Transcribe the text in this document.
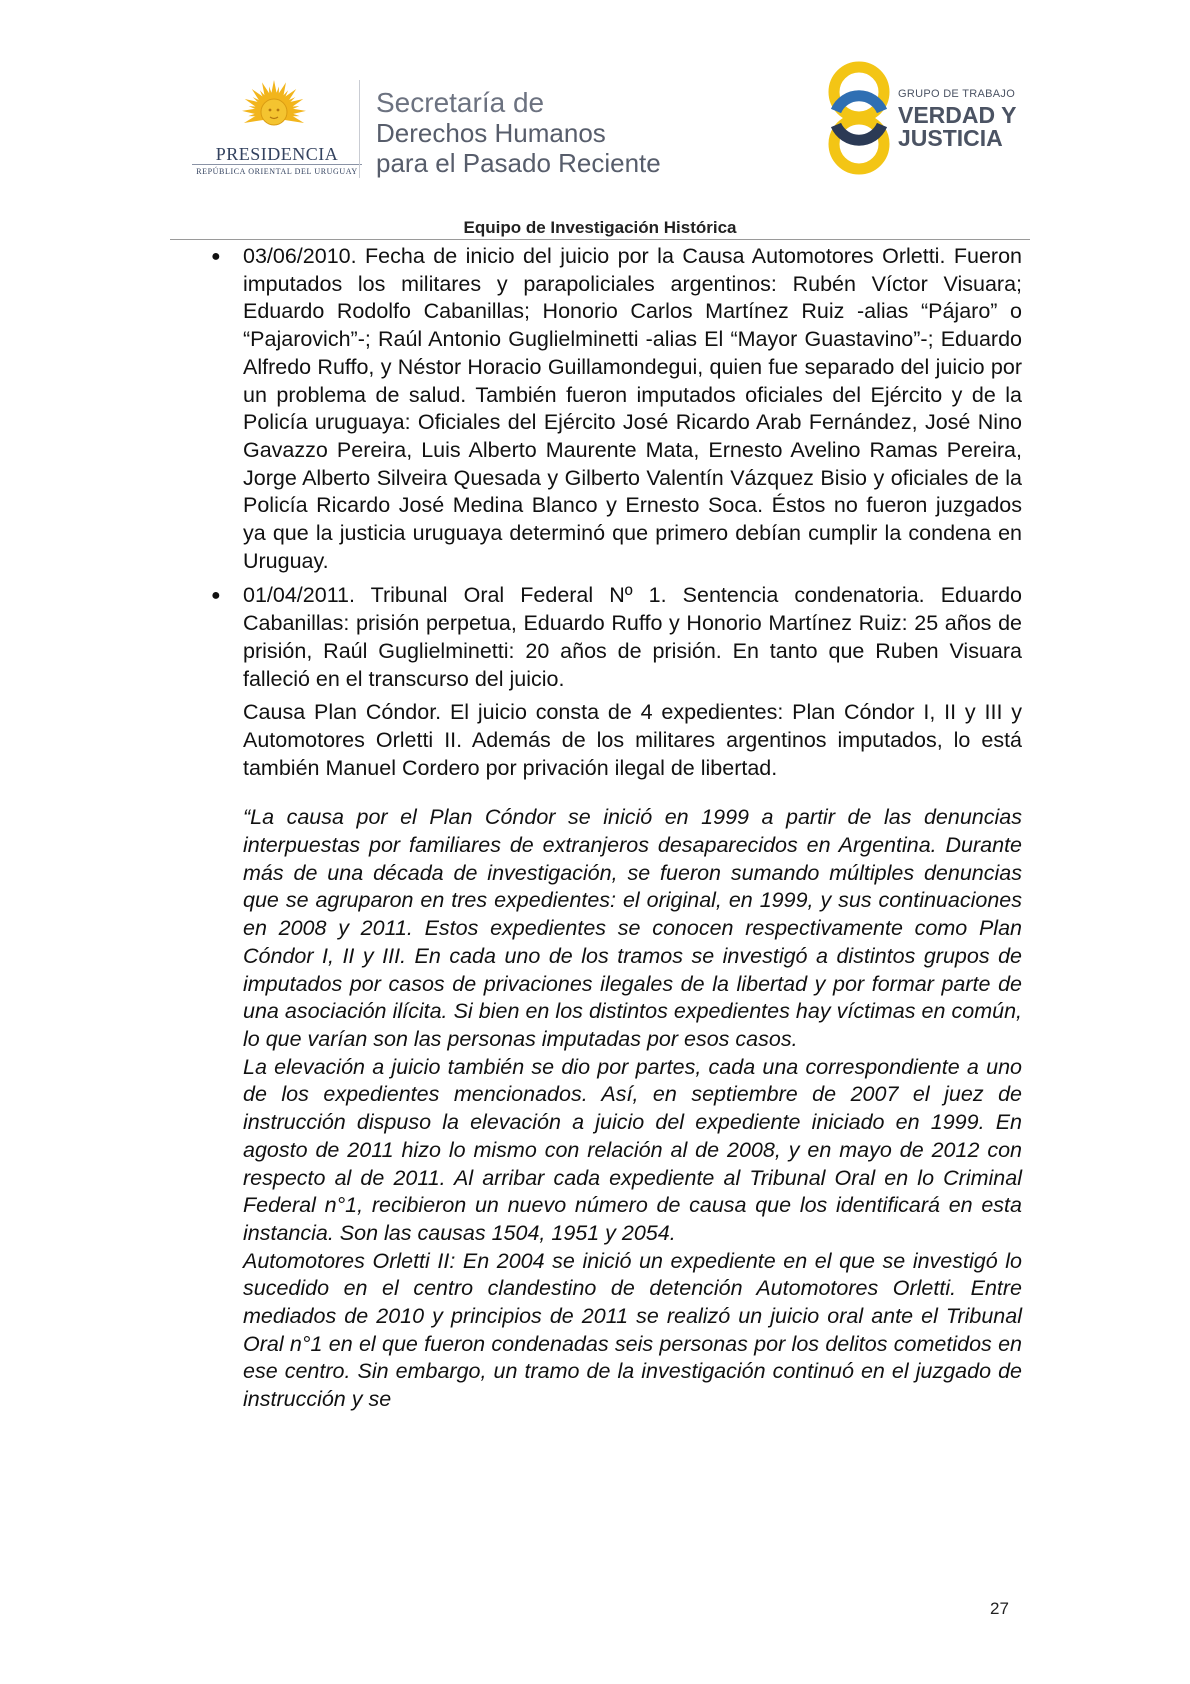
PRESIDENCIA
REPÚBLICA ORIENTAL DEL URUGUAY
Secretaría de
Derechos Humanos
para el Pasado Reciente
GRUPO DE TRABAJO
VERDAD Y
JUSTICIA
Equipo de Investigación Histórica
● 03/06/2010. Fecha de inicio del juicio por la Causa Automotores Orletti. Fueron imputados los militares y parapoliciales argentinos: Rubén Víctor Visuara; Eduardo Rodolfo Cabanillas; Honorio Carlos Martínez Ruiz -alias “Pájaro” o “Pajarovich”-; Raúl Antonio Guglielminetti -alias El “Mayor Guastavino”-; Eduardo Alfredo Ruffo, y Néstor Horacio Guillamondegui, quien fue separado del juicio por un problema de salud. También fueron imputados oficiales del Ejército y de la Policía uruguaya: Oficiales del Ejército José Ricardo Arab Fernández, José Nino Gavazzo Pereira, Luis Alberto Maurente Mata, Ernesto Avelino Ramas Pereira, Jorge Alberto Silveira Quesada y Gilberto Valentín Vázquez Bisio y oficiales de la Policía Ricardo José Medina Blanco y Ernesto Soca. Éstos no fueron juzgados ya que la justicia uruguaya determinó que primero debían cumplir la condena en Uruguay.

● 01/04/2011. Tribunal Oral Federal Nº 1. Sentencia condenatoria. Eduardo Cabanillas: prisión perpetua, Eduardo Ruffo y Honorio Martínez Ruiz: 25 años de prisión, Raúl Guglielminetti: 20 años de prisión. En tanto que Ruben Visuara falleció en el transcurso del juicio.

Causa Plan Cóndor. El juicio consta de 4 expedientes: Plan Cóndor I, II y III y Automotores Orletti II. Además de los militares argentinos imputados, lo está también Manuel Cordero por privación ilegal de libertad.

“La causa por el Plan Cóndor se inició en 1999 a partir de las denuncias interpuestas por familiares de extranjeros desaparecidos en Argentina. Durante más de una década de investigación, se fueron sumando múltiples denuncias que se agruparon en tres expedientes: el original, en 1999, y sus continuaciones en 2008 y 2011. Estos expedientes se conocen respectivamente como Plan Cóndor I, II y III. En cada uno de los tramos se investigó a distintos grupos de imputados por casos de privaciones ilegales de la libertad y por formar parte de una asociación ilícita. Si bien en los distintos expedientes hay víctimas en común, lo que varían son las personas imputadas por esos casos.

La elevación a juicio también se dio por partes, cada una correspondiente a uno de los expedientes mencionados. Así, en septiembre de 2007 el juez de instrucción dispuso la elevación a juicio del expediente iniciado en 1999. En agosto de 2011 hizo lo mismo con relación al de 2008, y en mayo de 2012 con respecto al de 2011. Al arribar cada expediente al Tribunal Oral en lo Criminal Federal n°1, recibieron un nuevo número de causa que los identificará en esta instancia. Son las causas 1504, 1951 y 2054.

Automotores Orletti II: En 2004 se inició un expediente en el que se investigó lo sucedido en el centro clandestino de detención Automotores Orletti. Entre mediados de 2010 y principios de 2011 se realizó un juicio oral ante el Tribunal Oral n°1 en el que fueron condenadas seis personas por los delitos cometidos en ese centro. Sin embargo, un tramo de la investigación continuó en el juzgado de instrucción y se

27
